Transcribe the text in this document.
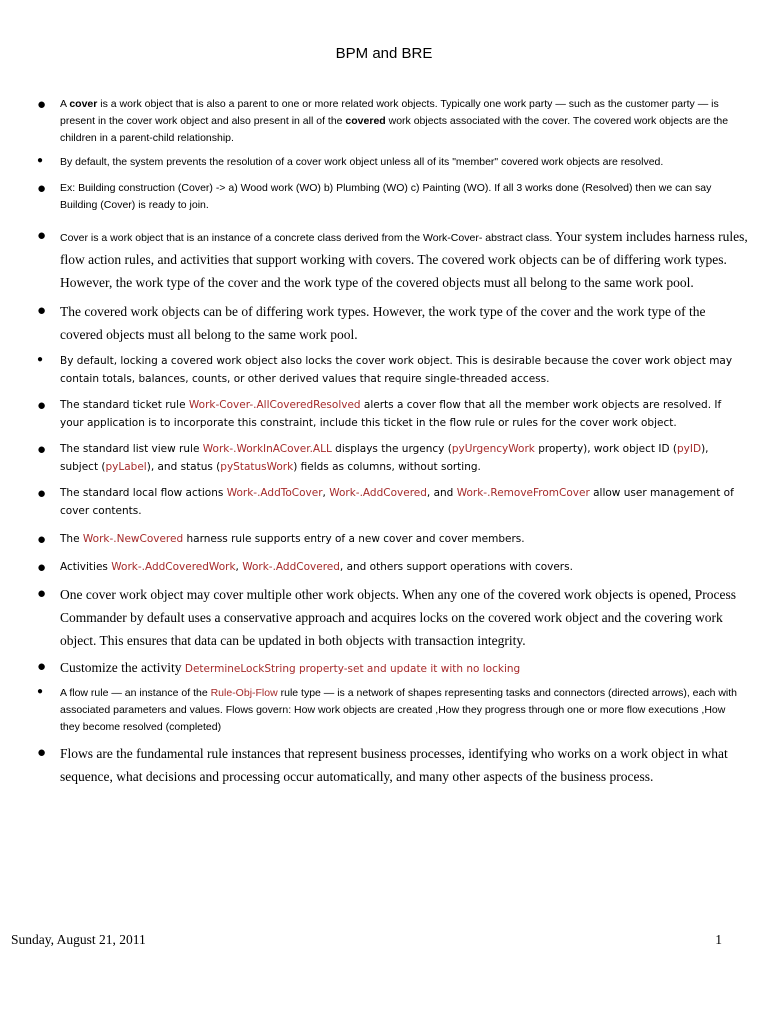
BPM and BRE
● A cover is a work object that is also a parent to one or more related work objects. Typically one work party — such as the customer party — is present in the cover work object and also present in all of the covered work objects associated with the cover. The covered work objects are the children in a parent-child relationship.
● By default, the system prevents the resolution of a cover work object unless all of its "member" covered work objects are resolved.
● Ex: Building construction (Cover) -> a) Wood work (WO) b) Plumbing (WO) c) Painting (WO). If all 3 works done (Resolved) then we can say Building (Cover) is ready to join.
● Cover is a work object that is an instance of a concrete class derived from the Work-Cover- abstract class. Your system includes harness rules, flow action rules, and activities that support working with covers. The covered work objects can be of differing work types. However, the work type of the cover and the work type of the covered objects must all belong to the same work pool.
● The covered work objects can be of differing work types. However, the work type of the cover and the work type of the covered objects must all belong to the same work pool.
● By default, locking a covered work object also locks the cover work object. This is desirable because the cover work object may contain totals, balances, counts, or other derived values that require single-threaded access.
● The standard ticket rule Work-Cover-.AllCoveredResolved alerts a cover flow that all the member work objects are resolved. If your application is to incorporate this constraint, include this ticket in the flow rule or rules for the cover work object.
● The standard list view rule Work-.WorkInACover.ALL displays the urgency (pyUrgencyWork property), work object ID (pyID), subject (pyLabel), and status (pyStatusWork) fields as columns, without sorting.
● The standard local flow actions Work-.AddToCover, Work-.AddCovered, and Work-.RemoveFromCover allow user management of cover contents.
● The Work-.NewCovered harness rule supports entry of a new cover and cover members.
● Activities Work-.AddCoveredWork, Work-.AddCovered, and others support operations with covers.
● One cover work object may cover multiple other work objects. When any one of the covered work objects is opened, Process Commander by default uses a conservative approach and acquires locks on the covered work object and the covering work object. This ensures that data can be updated in both objects with transaction integrity.
● Customize the activity DetermineLockString property-set and update it with no locking
● A flow rule — an instance of the Rule-Obj-Flow rule type — is a network of shapes representing tasks and connectors (directed arrows), each with associated parameters and values. Flows govern: How work objects are created ,How they progress through one or more flow executions ,How they become resolved (completed)
● Flows are the fundamental rule instances that represent business processes, identifying who works on a work object in what sequence, what decisions and processing occur automatically, and many other aspects of the business process.
Sunday, August 21, 2011	1
